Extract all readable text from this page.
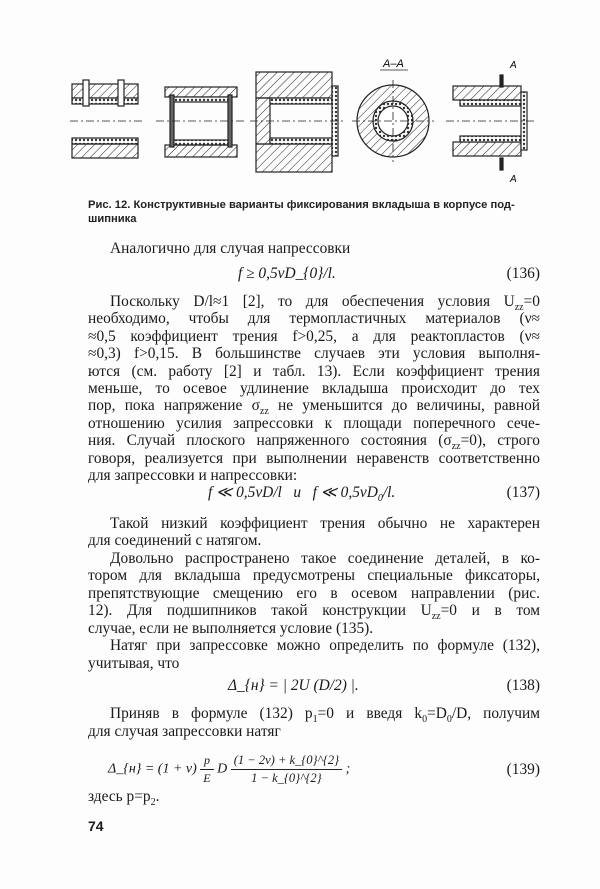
A–A	A
A
Рис. 12. Конструктивные варианты фиксирования вкладыша в корпусе под-
шипника
Аналогично для случая напрессовки
Поскольку D/l≈1 [2], то для обеспечения условия $U_{zz}=0$
необходимо, чтобы для термопластичных материалов (ν≈
≈0,5 коэффициент трения f>0,25, а для реактопластов (ν≈
≈0,3) f>0,15. В большинстве случаев эти условия выполня-
ются (см. работу [2] и табл. 13). Если коэффициент трения
меньше, то осевое удлинение вкладыша происходит до тех
пор, пока напряжение $\sigma_{zz}$ не уменьшится до величины, равной
отношению усилия запрессовки к площади поперечного сече-
ния. Случай плоского напряженного состояния $(\sigma_{zz}=0)$, строго
говоря, реализуется при выполнении неравенств соответственно
для запрессовки и напрессовки:
Такой низкий коэффициент трения обычно не характерен
для соединений с натягом.
Довольно распространено такое соединение деталей, в ко-
тором для вкладыша предусмотрены специальные фиксаторы,
препятствующие смещению его в осевом направлении (рис.
12). Для подшипников такой конструкции $U_{zz}=0$ и в том
случае, если не выполняется условие (135).
Натяг при запрессовке можно определить по формуле (132),
учитывая, что
Приняв в формуле (132) $p_1=0$ и введя $k_0=D_0/D$, получим
для случая запрессовки натяг
здесь $p=p_2$.
f ≥ 0,5νD_{0}/l.	(136)
f ≪ 0,5νD/l   и   f ≪ $0,5\nu D_0/l$.	(137)
Δ_{н} = | 2U (D/2) |.	(138)
Δ_{н} = $(1 + \nu) \frac{p}{E}$ D $\frac{(1 - 2\nu) + k\_\{0\}\^{}\{2\}}{1 - k\_\{0\}\^{}\{2\}}$ ;	(139)
74
